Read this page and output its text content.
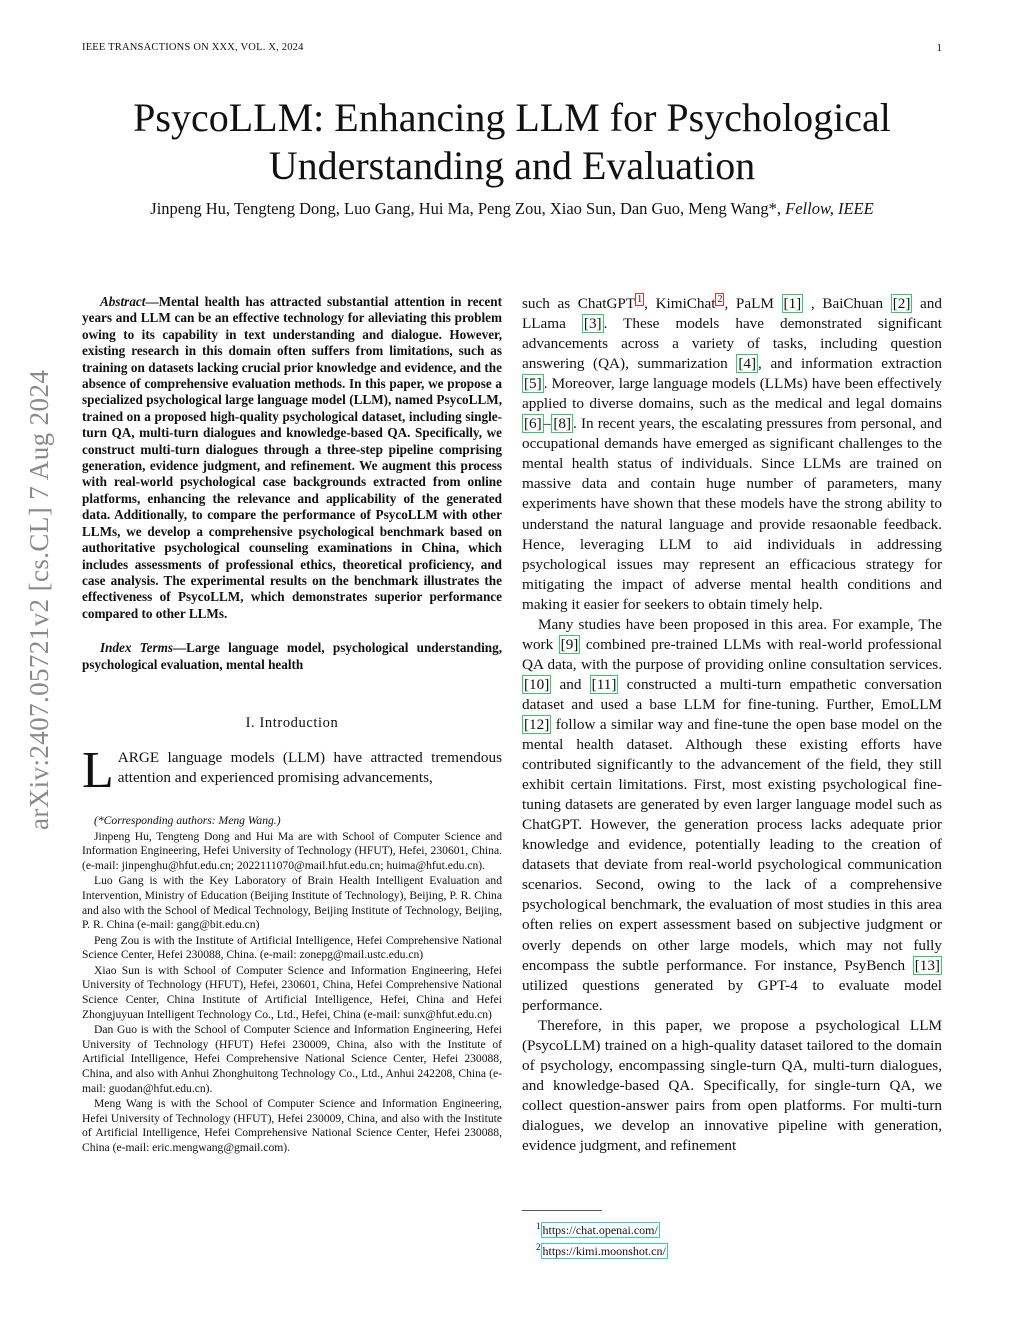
IEEE TRANSACTIONS ON XXX, VOL. X, 2024	1
arXiv:2407.05721v2 [cs.CL] 7 Aug 2024
PsycoLLM: Enhancing LLM for Psychological
Understanding and Evaluation
Jinpeng Hu, Tengteng Dong, Luo Gang, Hui Ma, Peng Zou, Xiao Sun, Dan Guo, Meng Wang*, Fellow, IEEE

Abstract—Mental health has attracted substantial attention in recent years and LLM can be an effective technology for alleviating this problem owing to its capability in text understanding and dialogue. However, existing research in this domain often suffers from limitations, such as training on datasets lacking crucial prior knowledge and evidence, and the absence of comprehensive evaluation methods. In this paper, we propose a specialized psychological large language model (LLM), named PsycoLLM, trained on a proposed high-quality psychological dataset, including single-turn QA, multi-turn dialogues and knowledge-based QA. Specifically, we construct multi-turn dialogues through a three-step pipeline comprising generation, evidence judgment, and refinement. We augment this process with real-world psychological case backgrounds extracted from online platforms, enhancing the relevance and applicability of the generated data. Additionally, to compare the performance of PsycoLLM with other LLMs, we develop a comprehensive psychological benchmark based on authoritative psychological counseling examinations in China, which includes assessments of professional ethics, theoretical proficiency, and case analysis. The experimental results on the benchmark illustrates the effectiveness of PsycoLLM, which demonstrates superior performance compared to other LLMs.

Index Terms—Large language model, psychological understanding, psychological evaluation, mental health

I. Introduction

LARGE language models (LLM) have attracted tremendous attention and experienced promising advancements,

(*Corresponding authors: Meng Wang.)

Jinpeng Hu, Tengteng Dong and Hui Ma are with School of Computer Science and Information Engineering, Hefei University of Technology (HFUT), Hefei, 230601, China. (e-mail: jinpenghu@hfut.edu.cn; 2022111070@mail.hfut.edu.cn; huima@hfut.edu.cn).

Luo Gang is with the Key Laboratory of Brain Health Intelligent Evaluation and Intervention, Ministry of Education (Beijing Institute of Technology), Beijing, P. R. China and also with the School of Medical Technology, Beijing Institute of Technology, Beijing, P. R. China (e-mail: gang@bit.edu.cn)

Peng Zou is with the Institute of Artificial Intelligence, Hefei Comprehensive National Science Center, Hefei 230088, China. (e-mail: zonepg@mail.ustc.edu.cn)

Xiao Sun is with School of Computer Science and Information Engineering, Hefei University of Technology (HFUT), Hefei, 230601, China, Hefei Comprehensive National Science Center, China Institute of Artificial Intelligence, Hefei, China and Hefei Zhongjuyuan Intelligent Technology Co., Ltd., Hefei, China (e-mail: sunx@hfut.edu.cn)

Dan Guo is with the School of Computer Science and Information Engineering, Hefei University of Technology (HFUT) Hefei 230009, China, also with the Institute of Artificial Intelligence, Hefei Comprehensive National Science Center, Hefei 230088, China, and also with Anhui Zhonghuitong Technology Co., Ltd., Anhui 242208, China (e-mail: guodan@hfut.edu.cn).

Meng Wang is with the School of Computer Science and Information Engineering, Hefei University of Technology (HFUT), Hefei 230009, China, and also with the Institute of Artificial Intelligence, Hefei Comprehensive National Science Center, Hefei 230088, China (e-mail: eric.mengwang@gmail.com).

such as ChatGPT $^1$ , KimiChat $^2$ , PaLM [1] , BaiChuan [2] and LLama [3] . These models have demonstrated significant advancements across a variety of tasks, including question answering (QA), summarization [4] , and information extraction [5] . Moreover, large language models (LLMs) have been effectively applied to diverse domains, such as the medical and legal domains [6] – [8] . In recent years, the escalating pressures from personal, and occupational demands have emerged as significant challenges to the mental health status of individuals. Since LLMs are trained on massive data and contain huge number of parameters, many experiments have shown that these models have the strong ability to understand the natural language and provide resaonable feedback. Hence, leveraging LLM to aid individuals in addressing psychological issues may represent an efficacious strategy for mitigating the impact of adverse mental health conditions and making it easier for seekers to obtain timely help.

Many studies have been proposed in this area. For example, The work [9] combined pre-trained LLMs with real-world professional QA data, with the purpose of providing online consultation services. [10] and [11] constructed a multi-turn empathetic conversation dataset and used a base LLM for fine-tuning. Further, EmoLLM [12] follow a similar way and fine-tune the open base model on the mental health dataset. Although these existing efforts have contributed significantly to the advancement of the field, they still exhibit certain limitations. First, most existing psychological fine-tuning datasets are generated by even larger language model such as ChatGPT. However, the generation process lacks adequate prior knowledge and evidence, potentially leading to the creation of datasets that deviate from real-world psychological communication scenarios. Second, owing to the lack of a comprehensive psychological benchmark, the evaluation of most studies in this area often relies on expert assessment based on subjective judgment or overly depends on other large models, which may not fully encompass the subtle performance. For instance, PsyBench [13] utilized questions generated by GPT-4 to evaluate model performance.

Therefore, in this paper, we propose a psychological LLM (PsycoLLM) trained on a high-quality dataset tailored to the domain of psychology, encompassing single-turn QA, multi-turn dialogues, and knowledge-based QA. Specifically, for single-turn QA, we collect question-answer pairs from open platforms. For multi-turn dialogues, we develop an innovative pipeline with generation, evidence judgment, and refinement

$^1$ https://chat.openai.com/
$^2$ https://kimi.moonshot.cn/
